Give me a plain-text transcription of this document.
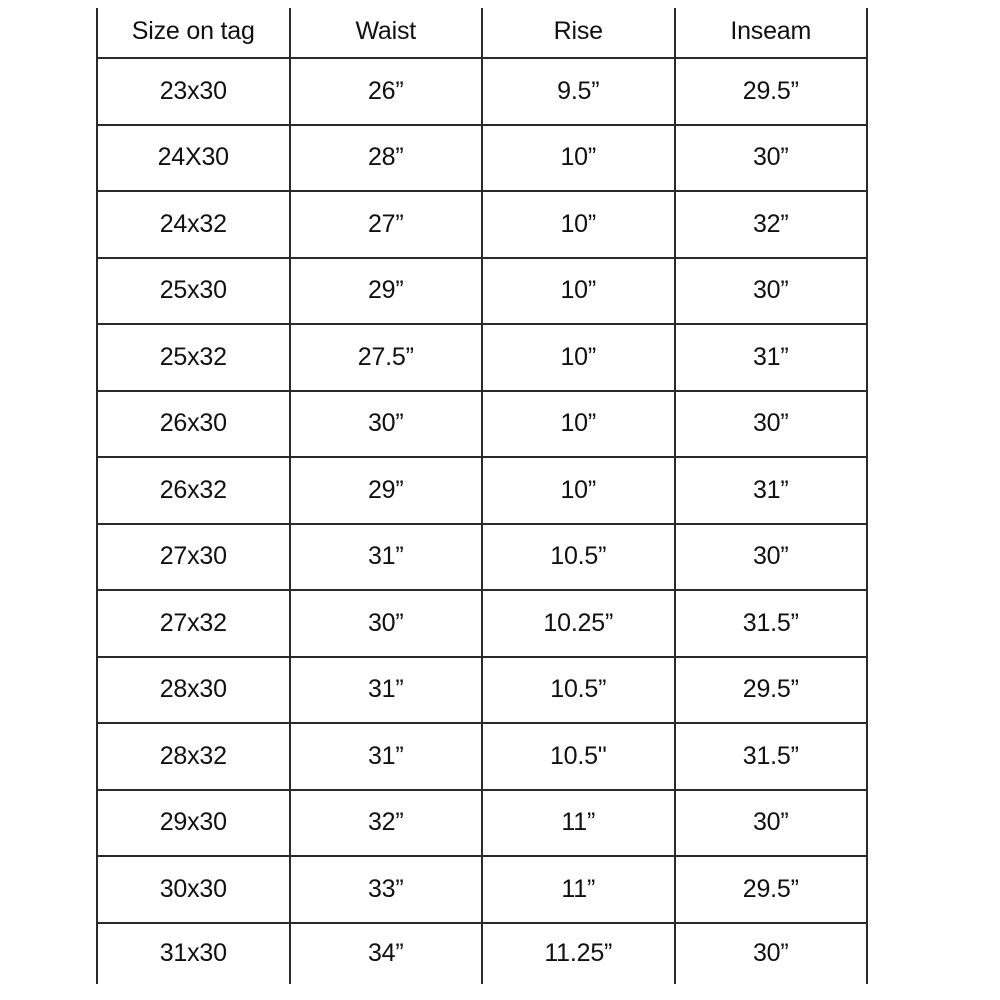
Size on tag	Waist	Rise	Inseam
23x30	26”	9.5”	29.5”
24X30	28”	10”	30”
24x32	27”	10”	32”
25x30	29”	10”	30”
25x32	27.5”	10”	31”
26x30	30”	10”	30”
26x32	29”	10”	31”
27x30	31”	10.5”	30”
27x32	30”	10.25”	31.5”
28x30	31”	10.5”	29.5”
28x32	31”	10.5"	31.5”
29x30	32”	11”	30”
30x30	33”	11”	29.5”
31x30	34”	11.25”	30”
